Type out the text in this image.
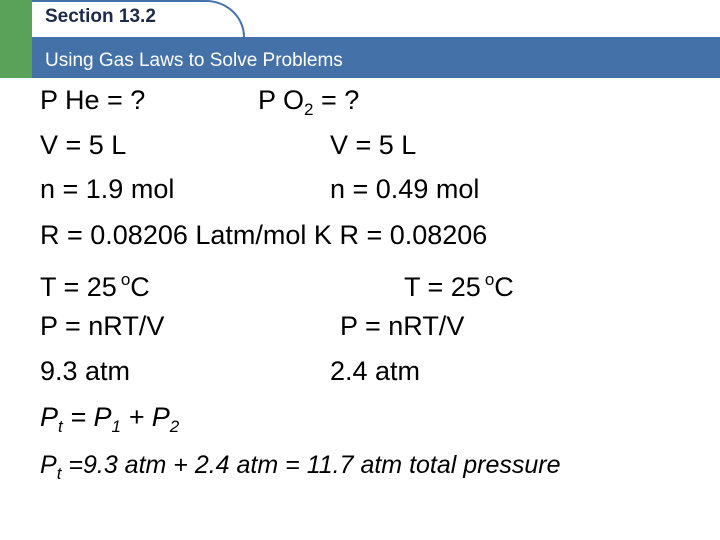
Section 13.2
Using Gas Laws to Solve Problems
P He = ?	P $O_2$ = ?
V = 5 L	V = 5 L
n = 1.9 mol	n = 0.49 mol
R = 0.08206 Latm/mol K R = 0.08206
T = 25 $^o$C	T = 25 $^o$C
P = nRT/V	P = nRT/V
9.3 atm	2.4 atm
$P_t = P_1 + P_2$
$P_t =9.3$ atm + 2.4 atm = 11.7 atm total pressure
